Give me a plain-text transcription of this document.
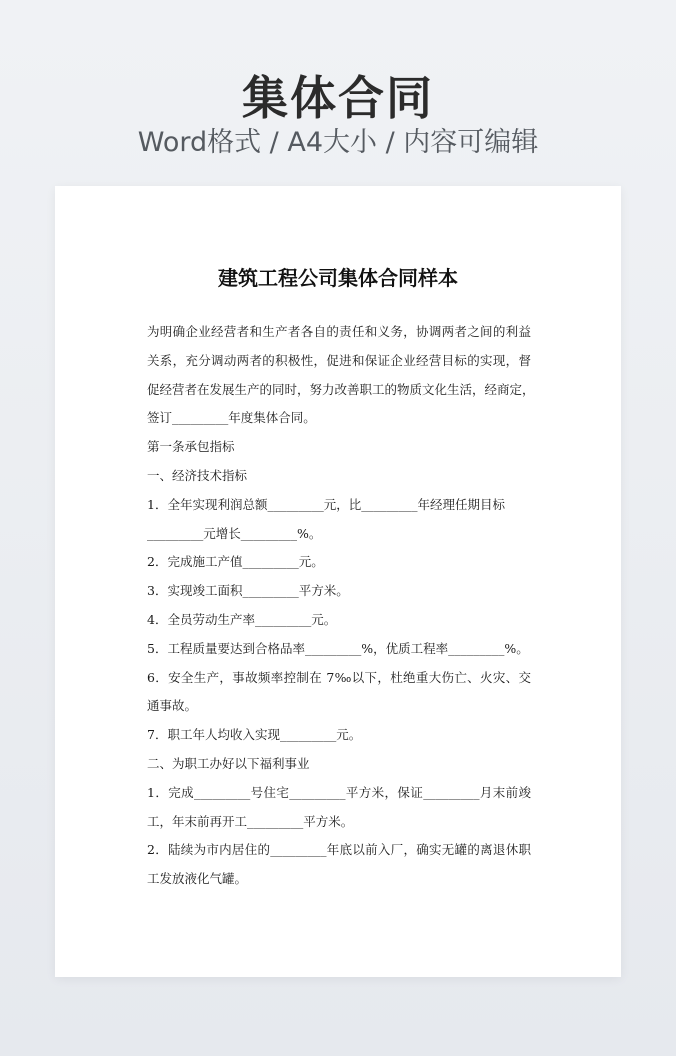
集体合同
Word格式 / A4大小 / 内容可编辑
建筑工程公司集体合同样本
为明确企业经营者和生产者各自的责任和义务，协调两者之间的利益
关系，充分调动两者的积极性，促进和保证企业经营目标的实现，督
促经营者在发展生产的同时，努力改善职工的物质文化生活，经商定，
签订_________年度集体合同。
第一条承包指标
一、经济技术指标
1．全年实现利润总额_________元，比_________年经理任期目标
_________元增长_________%。
2．完成施工产值_________元。
3．实现竣工面积_________平方米。
4．全员劳动生产率_________元。
5．工程质量要达到合格品率_________%，优质工程率_________%。
6．安全生产，事故频率控制在 7‰以下，杜绝重大伤亡、火灾、交
通事故。
7．职工年人均收入实现_________元。
二、为职工办好以下福利事业
1．完成_________号住宅_________平方米，保证_________月末前竣
工，年末前再开工_________平方米。
2．陆续为市内居住的_________年底以前入厂，确实无罐的离退休职
工发放液化气罐。
